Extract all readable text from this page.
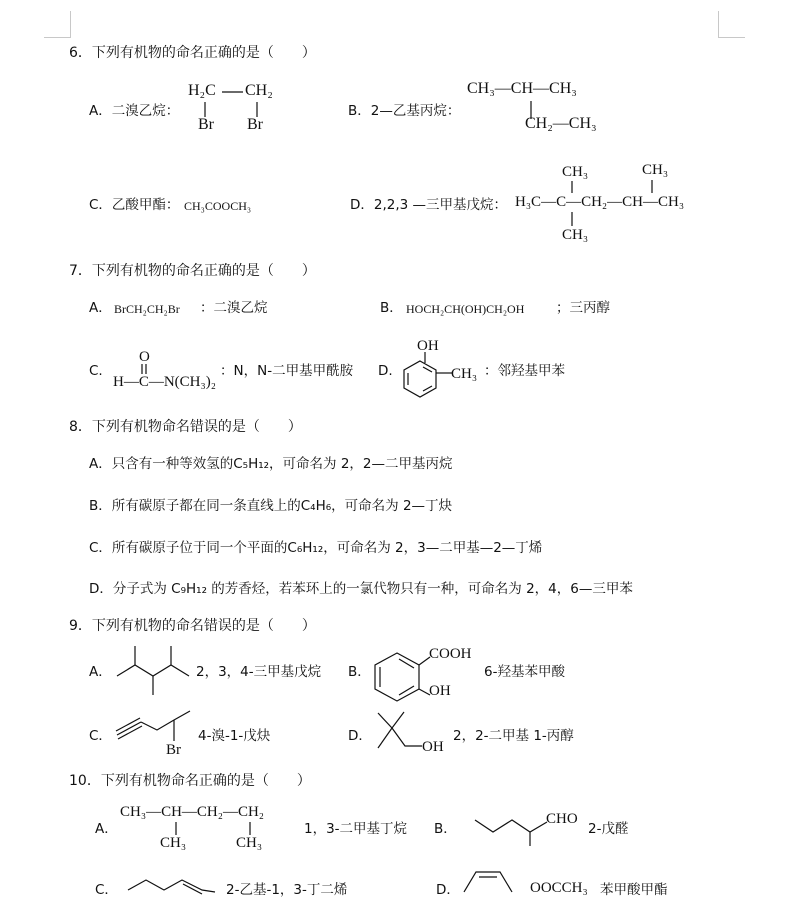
6．下列有机物的命名正确的是（　　）
A．二溴乙烷：
H₂C CH₂
Br Br
B．2—乙基丙烷：
CH₃—CH—CH₃
CH₂—CH₃
C．乙酸甲酯： CH₃COOCH₃	D．2,2,3 —三甲基戊烷：
CH₃	CH₃
H₃C—C—CH₂—CH—CH₃
CH₃
7．下列有机物的命名正确的是（　　）
A． BrCH₂CH₂Br ：二溴乙烷	B． HOCH₂CH(OH)CH₂OH ；三丙醇
C.
O
H—C—N(CH₃)₂
：N，N-二甲基甲酰胺 D.
OH
CH₃ ：邻羟基甲苯
8．下列有机物命名错误的是（　　）
A．只含有一种等效氢的C₅H₁₂，可命名为 2，2—二甲基丙烷
B．所有碳原子都在同一条直线上的C₄H₆，可命名为 2—丁炔
C．所有碳原子位于同一个平面的C₆H₁₂，可命名为 2，3—二甲基—2—丁烯
D．分子式为 C₉H₁₂ 的芳香烃，若苯环上的一氯代物只有一种，可命名为 2，4，6—三甲苯
9．下列有机物的命名错误的是（　　）
A．	2，3，4-三甲基戊烷 B．
COOH
OH
6-羟基苯甲酸
C．
Br
4-溴-1-戊炔	D．
OH
2，2-二甲基 1-丙醇
10．下列有机物命名正确的是（　　）
A．
CH₃—CH—CH₂—CH₂
CH₃	CH₃
1，3-二甲基丁烷 B．
CHO
2-戊醛
C．	2-乙基-1，3-丁二烯	D．	OOCCH₃ 苯甲酸甲酯
